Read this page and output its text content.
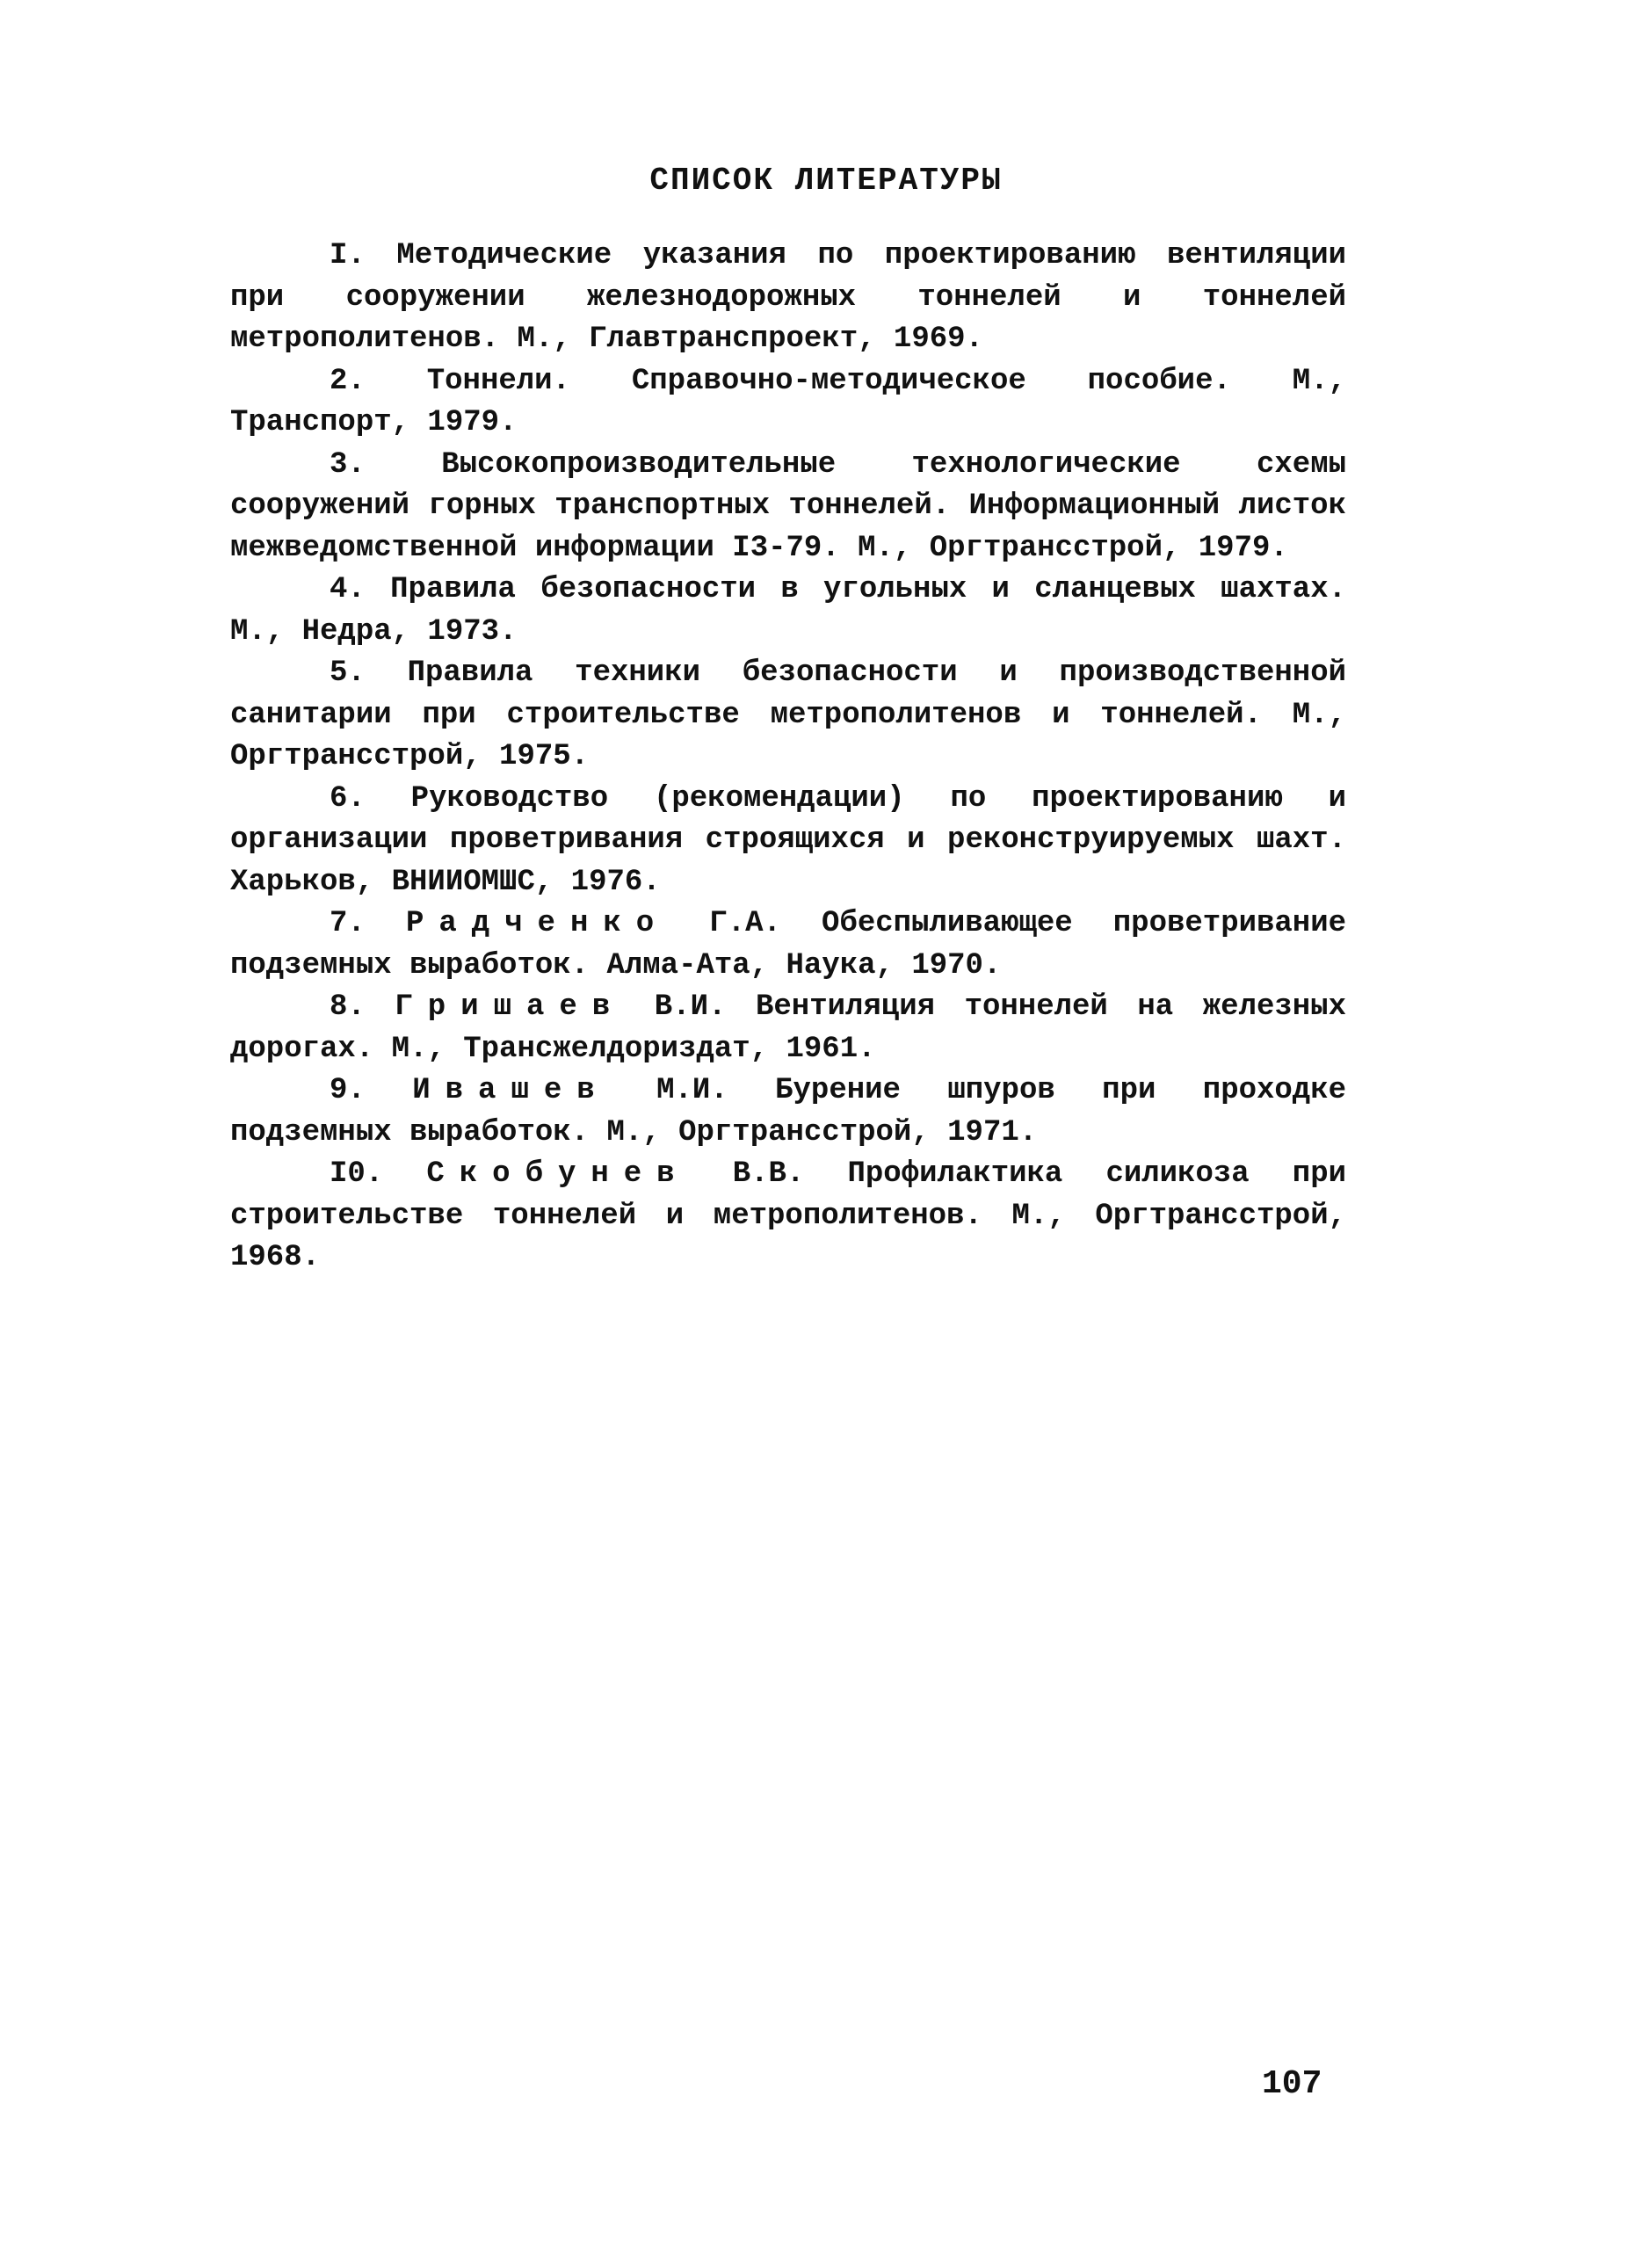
СПИСОК ЛИТЕРАТУРЫ

I. Методические указания по проектированию вентиляции при сооружении железнодорожных тоннелей и тоннелей метрополитенов. М., Главтранспроект, 1969.

2. Тоннели. Справочно-методическое пособие. М., Транспорт, 1979.

3.	Высокопроизводительные технологические схемы сооружений горных транспортных тоннелей. Информационный листок межведомственной информации I3-79. М., Оргтрансстрой, 1979.

4. Правила безопасности в угольных и сланцевых шахтах. М., Недра, 1973.

5. Правила техники безопасности и производственной санитарии при строительстве метрополитенов и тоннелей. М., Оргтрансстрой, 1975.

6. Руководство (рекомендации) по проектированию и организации проветривания строящихся и реконструируемых шахт. Харьков, ВНИИОМШС, 1976.

7. Радченко Г.А. Обеспыливающее проветривание подземных выработок. Алма-Ата, Наука, 1970.

8. Гришаев В.И. Вентиляция тоннелей на железных дорогах. М., Трансжелдориздат, 1961.

9. Ивашев М.И. Бурение шпуров при проходке подземных выработок. М., Оргтрансстрой, 1971.

I0. Скобунев В.В. Профилактика силикоза при строительстве тоннелей и метрополитенов. М., Оргтрансстрой, 1968.

107
